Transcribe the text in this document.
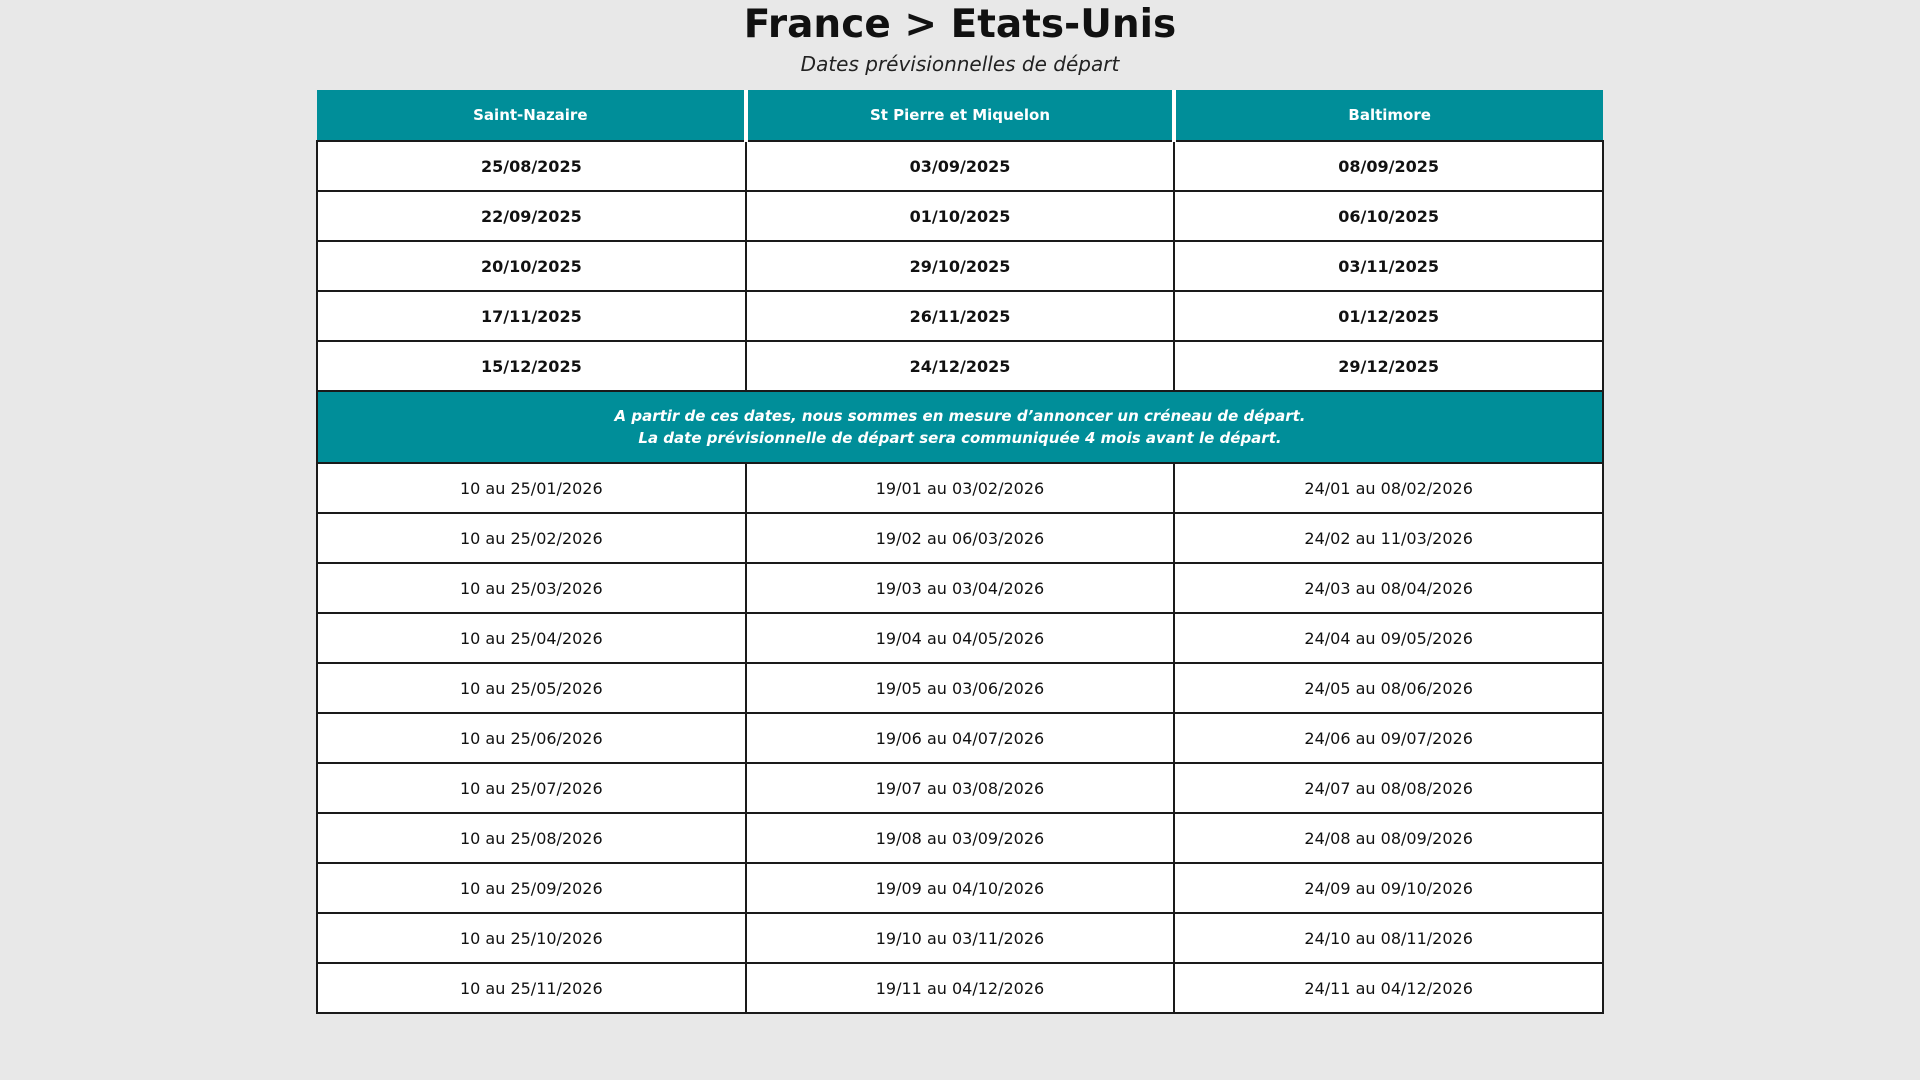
France > Etats-Unis
Dates prévisionnelles de départ
Saint-Nazaire	St Pierre et Miquelon	Baltimore
25/08/2025	03/09/2025	08/09/2025
22/09/2025	01/10/2025	06/10/2025
20/10/2025	29/10/2025	03/11/2025
17/11/2025	26/11/2025	01/12/2025
15/12/2025	24/12/2025	29/12/2025

A partir de ces dates, nous sommes en mesure d’annoncer un créneau de départ.
La date prévisionnelle de départ sera communiquée 4 mois avant le départ.		

10 au 25/01/2026	19/01 au 03/02/2026	24/01 au 08/02/2026
10 au 25/02/2026	19/02 au 06/03/2026	24/02 au 11/03/2026
10 au 25/03/2026	19/03 au 03/04/2026	24/03 au 08/04/2026
10 au 25/04/2026	19/04 au 04/05/2026	24/04 au 09/05/2026
10 au 25/05/2026	19/05 au 03/06/2026	24/05 au 08/06/2026
10 au 25/06/2026	19/06 au 04/07/2026	24/06 au 09/07/2026
10 au 25/07/2026	19/07 au 03/08/2026	24/07 au 08/08/2026
10 au 25/08/2026	19/08 au 03/09/2026	24/08 au 08/09/2026
10 au 25/09/2026	19/09 au 04/10/2026	24/09 au 09/10/2026
10 au 25/10/2026	19/10 au 03/11/2026	24/10 au 08/11/2026
10 au 25/11/2026	19/11 au 04/12/2026	24/11 au 04/12/2026
